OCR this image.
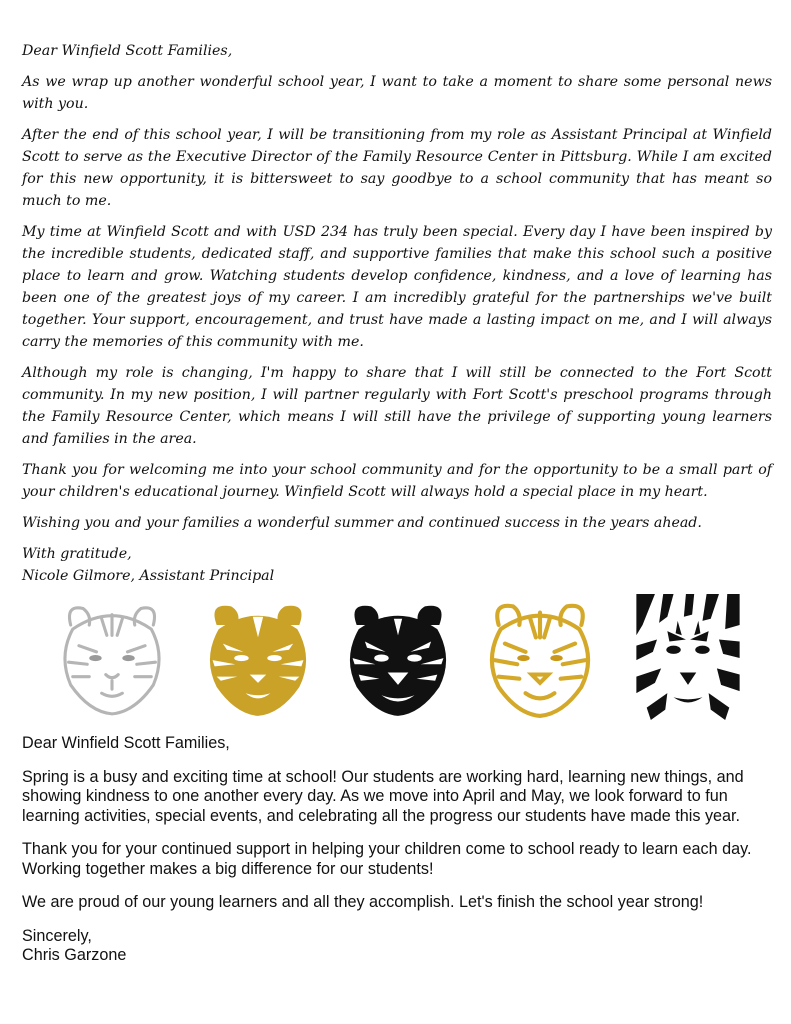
Dear Winfield Scott Families,

As we wrap up another wonderful school year, I want to take a moment to share some personal news with you.

After the end of this school year, I will be transitioning from my role as Assistant Principal at Winfield Scott to serve as the Executive Director of the Family Resource Center in Pittsburg. While I am excited for this new opportunity, it is bittersweet to say goodbye to a school community that has meant so much to me.

My time at Winfield Scott and with USD 234 has truly been special. Every day I have been inspired by the incredible students, dedicated staff, and supportive families that make this school such a positive place to learn and grow. Watching students develop confidence, kindness, and a love of learning has been one of the greatest joys of my career. I am incredibly grateful for the partnerships we've built together. Your support, encouragement, and trust have made a lasting impact on me, and I will always carry the memories of this community with me.

Although my role is changing, I'm happy to share that I will still be connected to the Fort Scott community. In my new position, I will partner regularly with Fort Scott's preschool programs through the Family Resource Center, which means I will still have the privilege of supporting young learners and families in the area.

Thank you for welcoming me into your school community and for the opportunity to be a small part of your children's educational journey. Winfield Scott will always hold a special place in my heart.

Wishing you and your families a wonderful summer and continued success in the years ahead.

With gratitude,
Nicole Gilmore, Assistant Principal

Dear Winfield Scott Families,

Spring is a busy and exciting time at school! Our students are working hard, learning new things, and showing kindness to one another every day. As we move into April and May, we look forward to fun learning activities, special events, and celebrating all the progress our students have made this year.

Thank you for your continued support in helping your children come to school ready to learn each day. Working together makes a big difference for our students!

We are proud of our young learners and all they accomplish. Let's finish the school year strong!

Sincerely,
Chris Garzone
